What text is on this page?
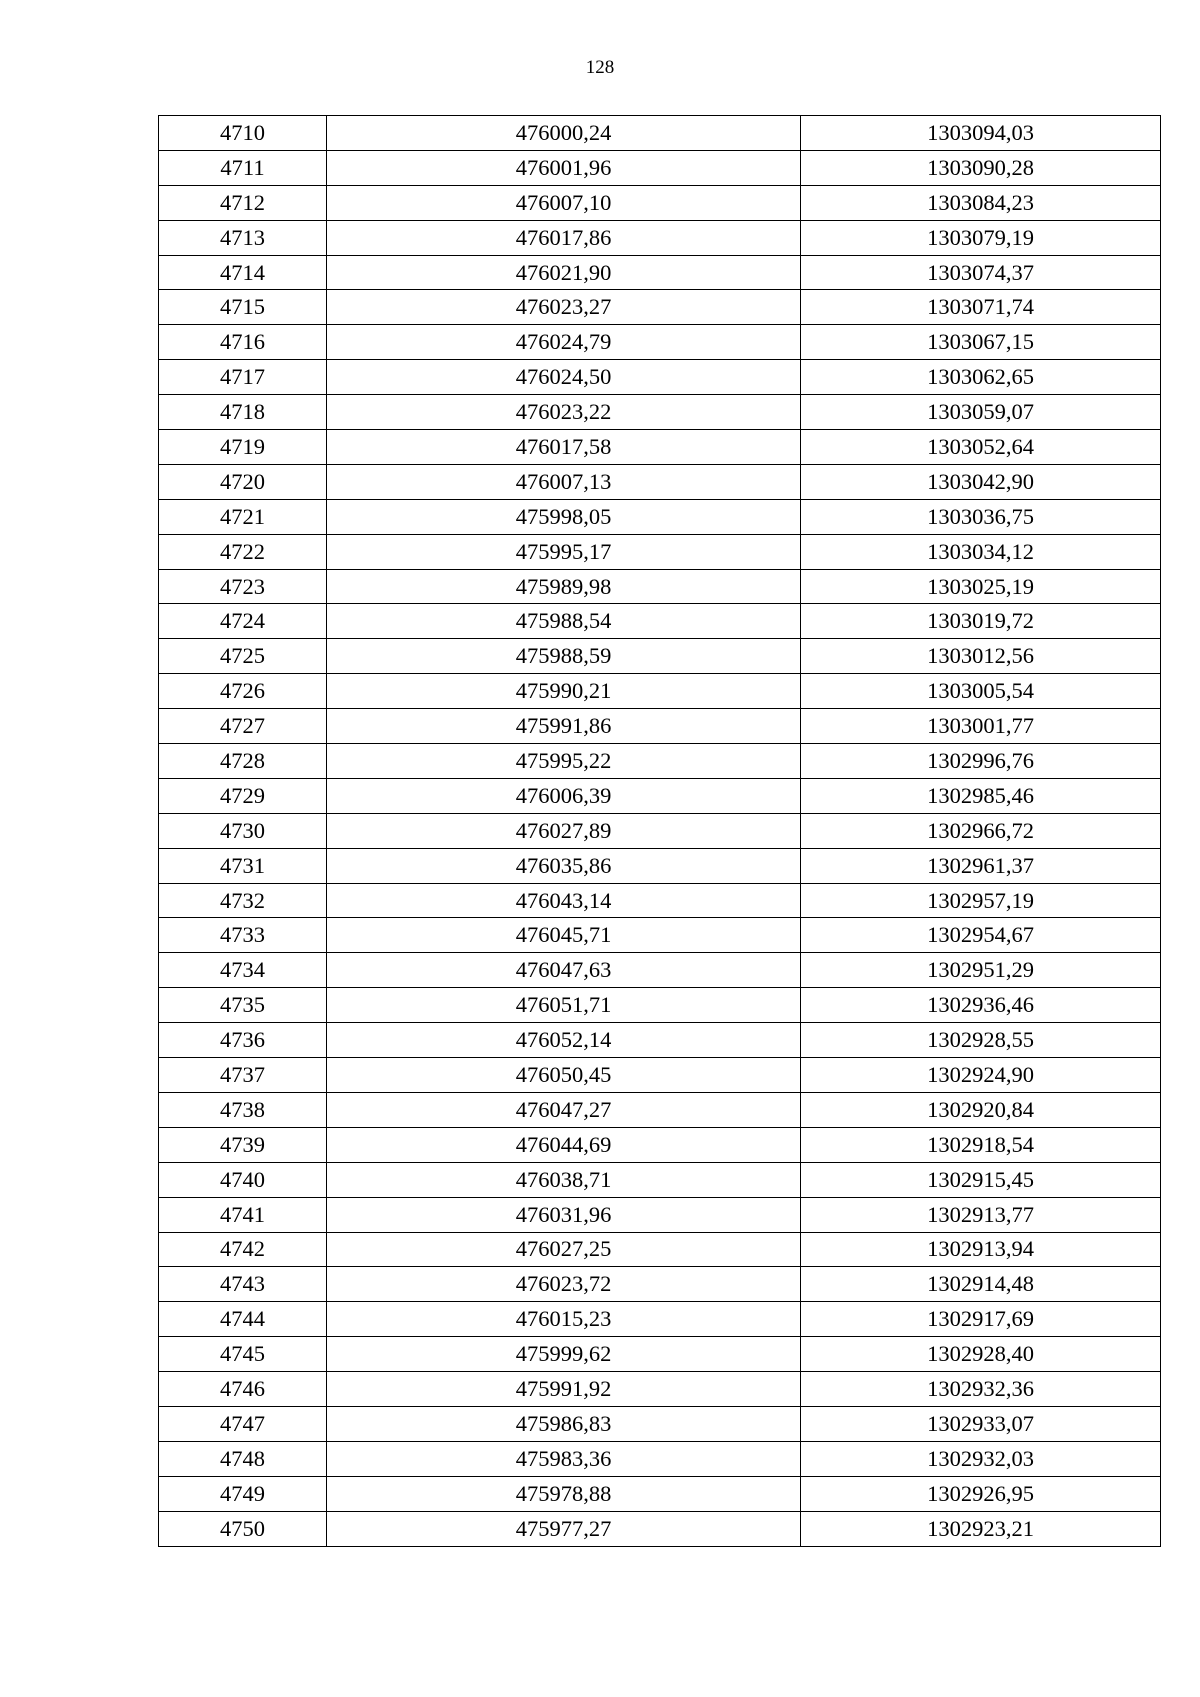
128
4710	476000,24	1303094,03
4711	476001,96	1303090,28
4712	476007,10	1303084,23
4713	476017,86	1303079,19
4714	476021,90	1303074,37
4715	476023,27	1303071,74
4716	476024,79	1303067,15
4717	476024,50	1303062,65
4718	476023,22	1303059,07
4719	476017,58	1303052,64
4720	476007,13	1303042,90
4721	475998,05	1303036,75
4722	475995,17	1303034,12
4723	475989,98	1303025,19
4724	475988,54	1303019,72
4725	475988,59	1303012,56
4726	475990,21	1303005,54
4727	475991,86	1303001,77
4728	475995,22	1302996,76
4729	476006,39	1302985,46
4730	476027,89	1302966,72
4731	476035,86	1302961,37
4732	476043,14	1302957,19
4733	476045,71	1302954,67
4734	476047,63	1302951,29
4735	476051,71	1302936,46
4736	476052,14	1302928,55
4737	476050,45	1302924,90
4738	476047,27	1302920,84
4739	476044,69	1302918,54
4740	476038,71	1302915,45
4741	476031,96	1302913,77
4742	476027,25	1302913,94
4743	476023,72	1302914,48
4744	476015,23	1302917,69
4745	475999,62	1302928,40
4746	475991,92	1302932,36
4747	475986,83	1302933,07
4748	475983,36	1302932,03
4749	475978,88	1302926,95
4750	475977,27	1302923,21
